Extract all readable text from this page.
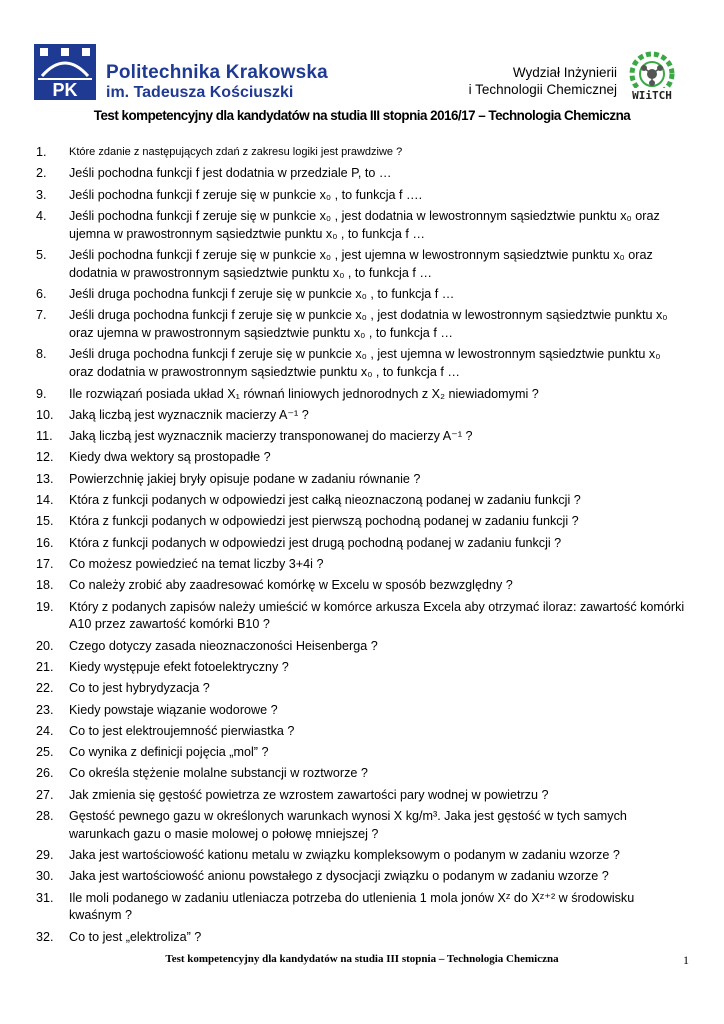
PK
Politechnika Krakowska
im. Tadeusza Kościuszki
Wydział Inżynierii
i Technologii Chemicznej WIiTCH
Test kompetencyjny dla kandydatów na studia III stopnia 2016/17 – Technologia Chemiczna
1. Które zdanie z następujących zdań z zakresu logiki jest prawdziwe ?
2. Jeśli pochodna funkcji f jest dodatnia w przedziale P, to …
3. Jeśli pochodna funkcji f zeruje się w punkcie x₀ , to funkcja f ….
4. Jeśli pochodna funkcji f zeruje się w punkcie x₀ , jest dodatnia w lewostronnym sąsiedztwie punktu x₀ oraz ujemna w prawostronnym sąsiedztwie punktu x₀ , to funkcja f …
5. Jeśli pochodna funkcji f zeruje się w punkcie x₀ , jest ujemna w lewostronnym sąsiedztwie punktu x₀ oraz dodatnia w prawostronnym sąsiedztwie punktu x₀ , to funkcja f …
6. Jeśli druga pochodna funkcji f zeruje się w punkcie x₀ , to funkcja f …
7. Jeśli druga pochodna funkcji f zeruje się w punkcie x₀ , jest dodatnia w lewostronnym sąsiedztwie punktu x₀ oraz ujemna w prawostronnym sąsiedztwie punktu x₀ , to funkcja f …
8. Jeśli druga pochodna funkcji f zeruje się w punkcie x₀ , jest ujemna w lewostronnym sąsiedztwie punktu x₀ oraz dodatnia w prawostronnym sąsiedztwie punktu x₀ , to funkcja f …
9. Ile rozwiązań posiada układ X₁ równań liniowych jednorodnych z X₂ niewiadomymi ?
10. Jaką liczbą jest wyznacznik macierzy A⁻¹ ?
11. Jaką liczbą jest wyznacznik macierzy transponowanej do macierzy A⁻¹ ?
12. Kiedy dwa wektory są prostopadłe ?
13. Powierzchnię jakiej bryły opisuje podane w zadaniu równanie ?
14. Która z funkcji podanych w odpowiedzi jest całką nieoznaczoną podanej w zadaniu funkcji ?
15. Która z funkcji podanych w odpowiedzi jest pierwszą pochodną podanej w zadaniu funkcji ?
16. Która z funkcji podanych w odpowiedzi jest drugą pochodną podanej w zadaniu funkcji ?
17. Co możesz powiedzieć na temat liczby 3+4i ?
18. Co należy zrobić aby zaadresować komórkę w Excelu w sposób bezwzględny ?
19. Który z podanych zapisów należy umieścić w komórce arkusza Excela aby otrzymać iloraz: zawartość komórki A10 przez zawartość komórki B10 ?
20. Czego dotyczy zasada nieoznaczoności Heisenberga ?
21. Kiedy występuje efekt fotoelektryczny ?
22. Co to jest hybrydyzacja ?
23. Kiedy powstaje wiązanie wodorowe ?
24. Co to jest elektroujemność pierwiastka ?
25. Co wynika z definicji pojęcia „mol” ?
26. Co określa stężenie molalne substancji w roztworze ?
27. Jak zmienia się gęstość powietrza ze wzrostem zawartości pary wodnej w powietrzu ?
28. Gęstość pewnego gazu w określonych warunkach wynosi X kg/m³. Jaka jest gęstość w tych samych warunkach gazu o masie molowej o połowę mniejszej ?
29. Jaka jest wartościowość kationu metalu w związku kompleksowym o podanym w zadaniu wzorze ?
30. Jaka jest wartościowość anionu powstałego z dysocjacji związku o podanym w zadaniu wzorze ?
31. Ile moli podanego w zadaniu utleniacza potrzeba do utlenienia 1 mola jonów Xᶻ do Xᶻ⁺² w środowisku kwaśnym ?
32. Co to jest „elektroliza” ?
Test kompetencyjny dla kandydatów na studia III stopnia – Technologia Chemiczna	1
